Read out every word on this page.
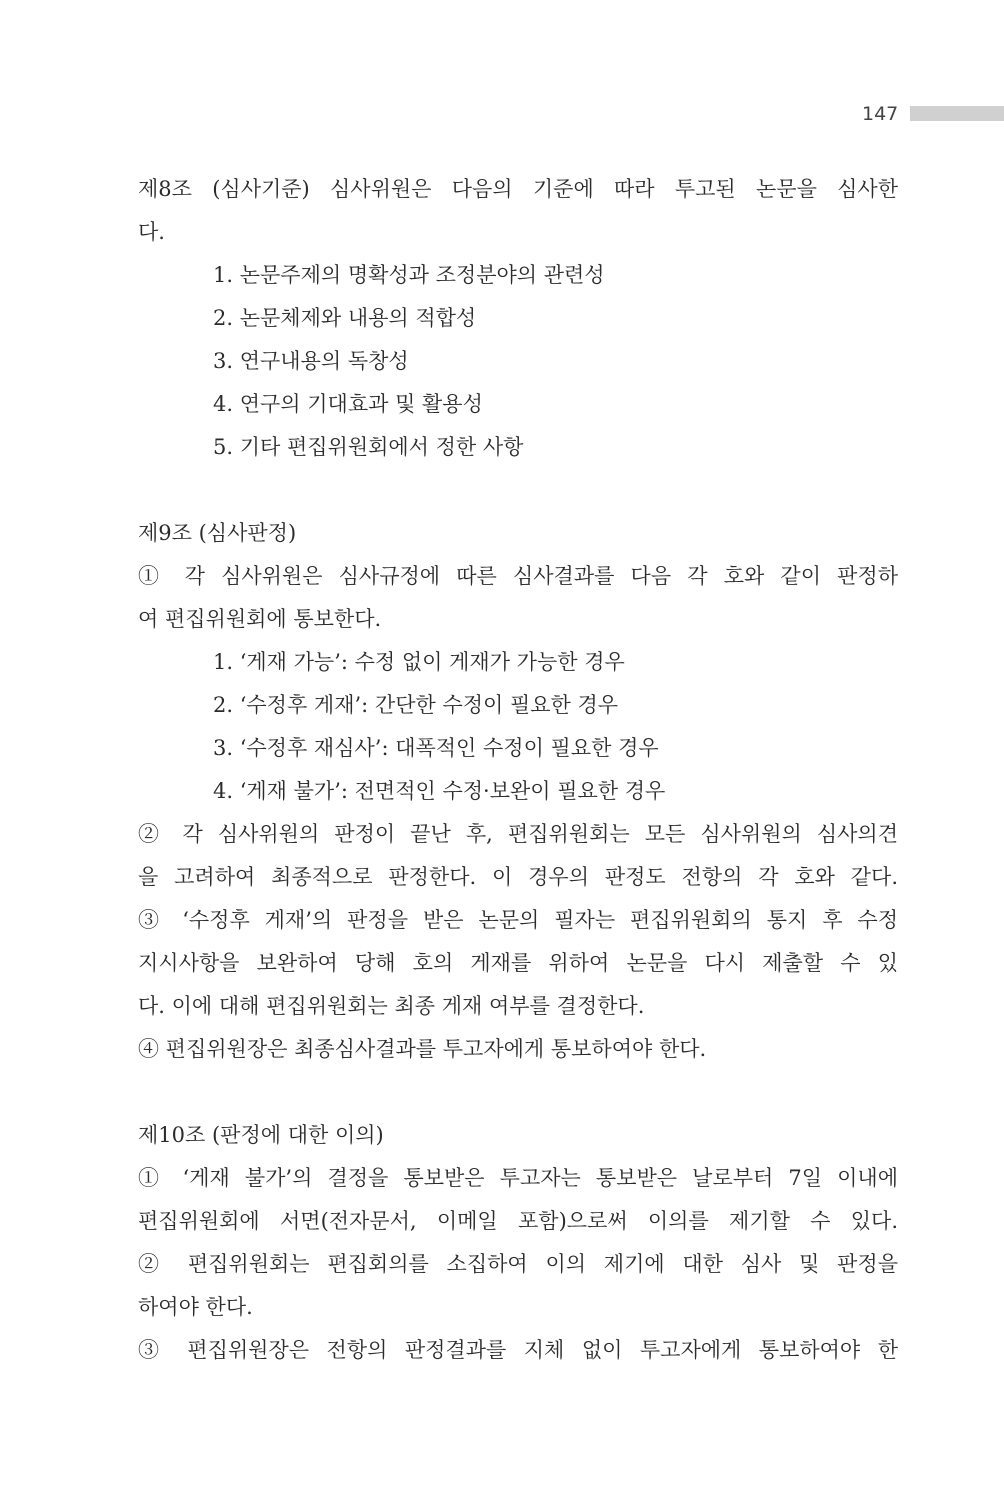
147
제8조 (심사기준) 심사위원은 다음의 기준에 따라 투고된 논문을 심사한
다.
1. 논문주제의 명확성과 조정분야의 관련성
2. 논문체제와 내용의 적합성
3. 연구내용의 독창성
4. 연구의 기대효과 및 활용성
5. 기타 편집위원회에서 정한 사항
제9조 (심사판정)
① 각 심사위원은 심사규정에 따른 심사결과를 다음 각 호와 같이 판정하
여 편집위원회에 통보한다.
1. ‘게재 가능’: 수정 없이 게재가 가능한 경우
2. ‘수정후 게재’: 간단한 수정이 필요한 경우
3. ‘수정후 재심사’: 대폭적인 수정이 필요한 경우
4. ‘게재 불가’: 전면적인 수정·보완이 필요한 경우
② 각 심사위원의 판정이 끝난 후, 편집위원회는 모든 심사위원의 심사의견
을 고려하여 최종적으로 판정한다. 이 경우의 판정도 전항의 각 호와 같다.
③ ‘수정후 게재’의 판정을 받은 논문의 필자는 편집위원회의 통지 후 수정
지시사항을 보완하여 당해 호의 게재를 위하여 논문을 다시 제출할 수 있
다. 이에 대해 편집위원회는 최종 게재 여부를 결정한다.
④ 편집위원장은 최종심사결과를 투고자에게 통보하여야 한다.
제10조 (판정에 대한 이의)
① ‘게재 불가’의 결정을 통보받은 투고자는 통보받은 날로부터 7일 이내에
편집위원회에 서면(전자문서, 이메일 포함)으로써 이의를 제기할 수 있다.
② 편집위원회는 편집회의를 소집하여 이의 제기에 대한 심사 및 판정을
하여야 한다.
③ 편집위원장은 전항의 판정결과를 지체 없이 투고자에게 통보하여야 한
